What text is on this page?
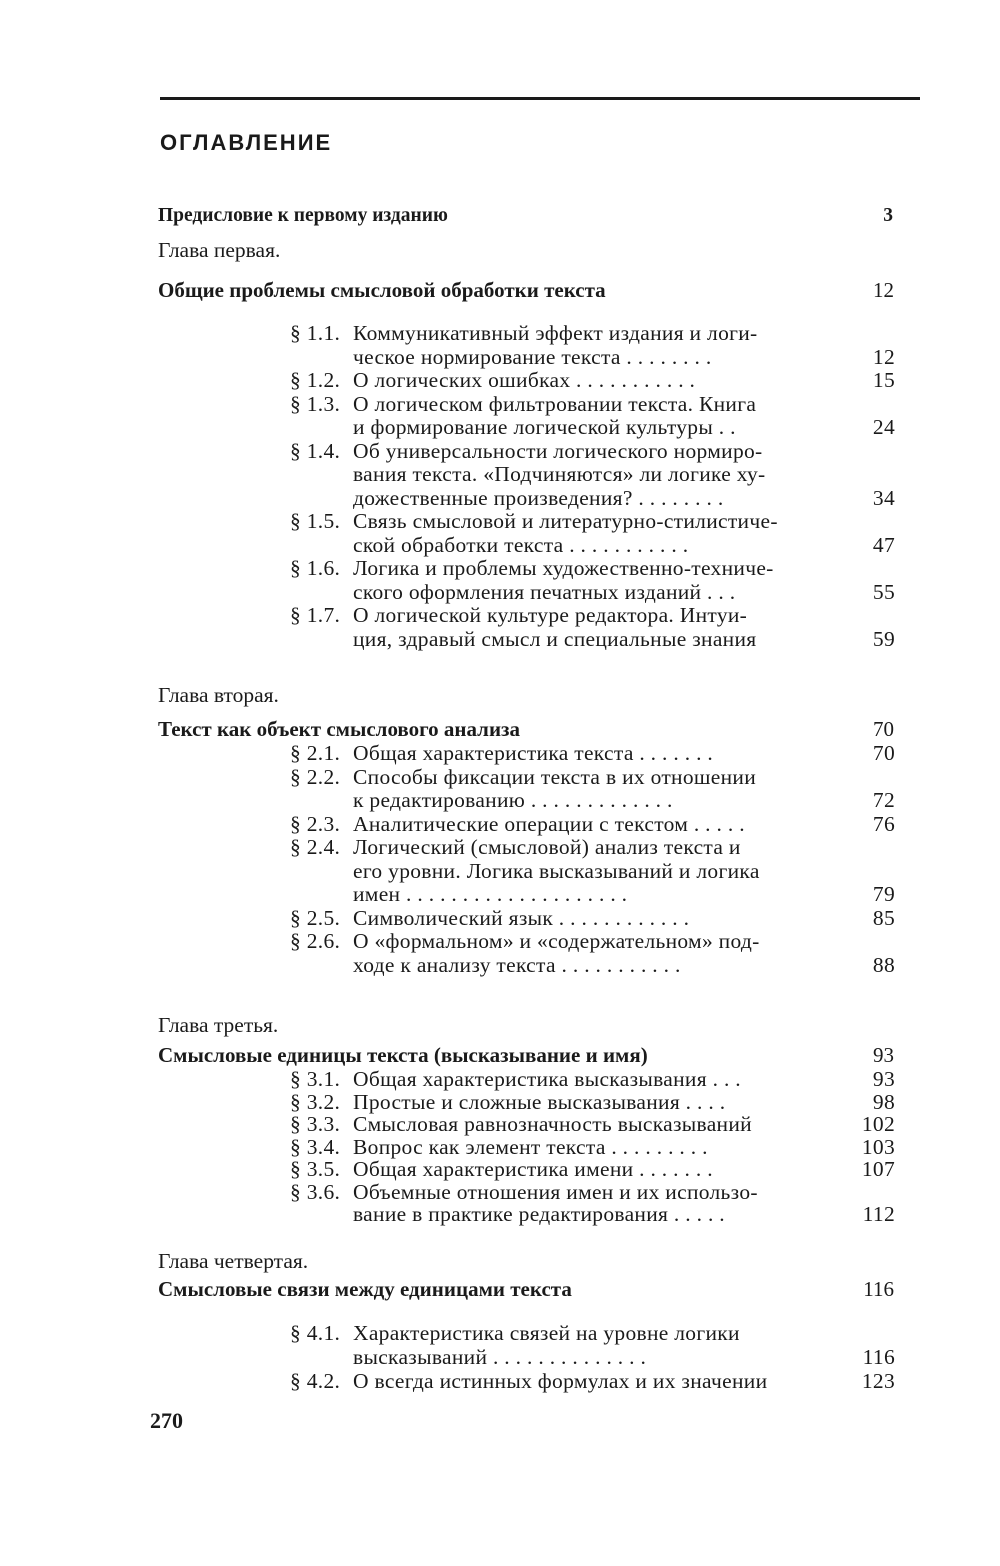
ОГЛАВЛЕНИЕ
Предисловие к первому изданию	3
Глава первая.
Общие проблемы смысловой обработки текста	12
§ 1.1. Коммуникативный эффект издания и логи-
ческое нормирование текста . . . . . . . .	12
§ 1.2. О логических ошибках . . . . . . . . . . .	15
§ 1.3. О логическом фильтровании текста. Книга
и формирование логической культуры . .	24
§ 1.4. Об универсальности логического нормиро-
вания текста. «Подчиняются» ли логике ху-
дожественные произведения? . . . . . . . .	34
§ 1.5. Связь смысловой и литературно-стилистиче-
ской обработки текста . . . . . . . . . . .	47
§ 1.6. Логика и проблемы художественно-техниче-
ского оформления печатных изданий . . .	55
§ 1.7. О логической культуре редактора. Интуи-
ция, здравый смысл и специальные знания	59
Глава вторая.
Текст как объект смыслового анализа	70
§ 2.1. Общая характеристика текста . . . . . . .	70
§ 2.2. Способы фиксации текста в их отношении
к редактированию . . . . . . . . . . . . .	72
§ 2.3. Аналитические операции с текстом . . . . .	76
§ 2.4. Логический (смысловой) анализ текста и
его уровни. Логика высказываний и логика
имен . . . . . . . . . . . . . . . . . . . .	79
§ 2.5. Символический язык . . . . . . . . . . . .	85
§ 2.6. О «формальном» и «содержательном» под-
ходе к анализу текста . . . . . . . . . . .	88
Глава третья.
Смысловые единицы текста (высказывание и имя)	93
§ 3.1. Общая характеристика высказывания . . .	93
§ 3.2. Простые и сложные высказывания . . . .	98
§ 3.3. Смысловая равнозначность высказываний	102
§ 3.4. Вопрос как элемент текста . . . . . . . . .	103
§ 3.5. Общая характеристика имени . . . . . . .	107
§ 3.6. Объемные отношения имен и их использо-
вание в практике редактирования . . . . .	112
Глава четвертая.
Смысловые связи между единицами текста	116
§ 4.1. Характеристика связей на уровне логики
высказываний . . . . . . . . . . . . . .	116
§ 4.2. О всегда истинных формулах и их значении	123
270
